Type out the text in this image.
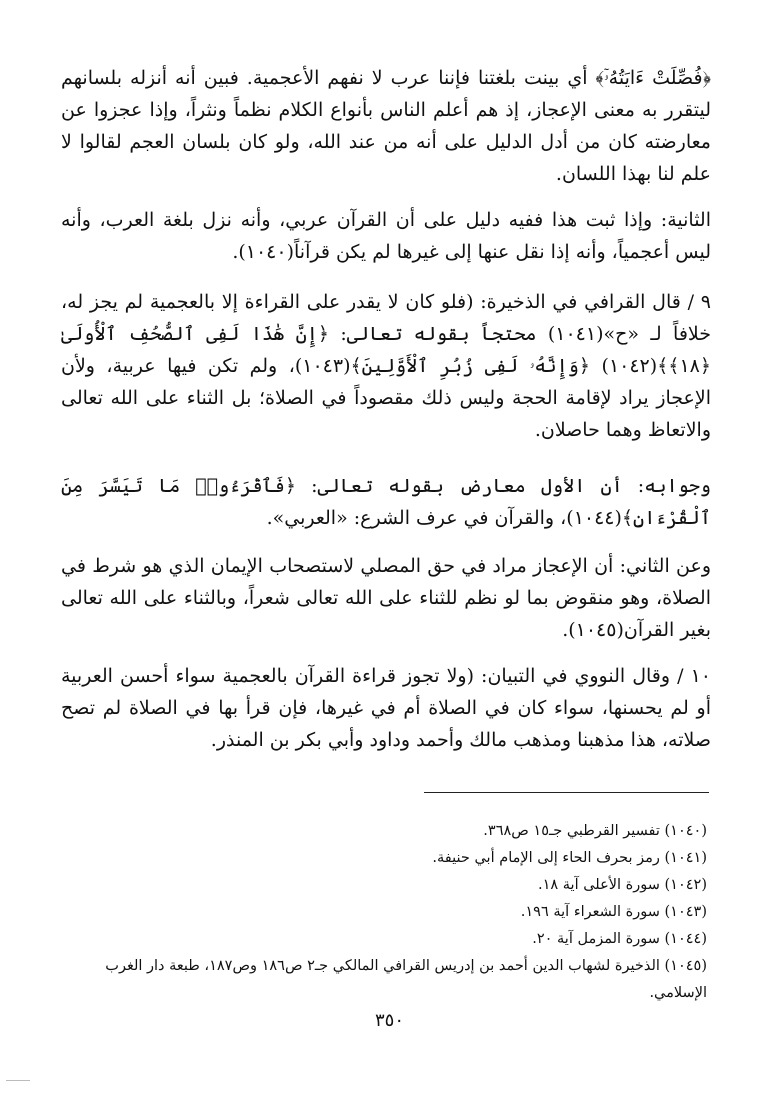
﴿فُصِّلَتْ ءَايَتُهُۥٓ﴾ أي بينت بلغتنا فإننا عرب لا نفهم الأعجمية. فبين أنه أنزله بلسانهم ليتقرر به معنى الإعجاز، إذ هم أعلم الناس بأنواع الكلام نظماً ونثراً، وإذا عجزوا عن معارضته كان من أدل الدليل على أنه من عند الله، ولو كان بلسان العجم لقالوا لا علم لنا بهذا اللسان.

الثانية: وإذا ثبت هذا ففيه دليل على أن القرآن عربي، وأنه نزل بلغة العرب، وأنه ليس أعجمياً، وأنه إذا نقل عنها إلى غيرها لم يكن قرآناً(١٠٤٠).

٩ / قال القرافي في الذخيرة: (فلو كان لا يقدر على القراءة إلا بالعجمية لم يجز له، خلافاً لـ «ح»(١٠٤١) محتجاً بقوله تعالى: ﴿إِنَّ هَٰذَا لَفِى ٱلصُّحُفِ ٱلْأُولَىٰ ﴿١٨﴾﴾(١٠٤٢) ﴿وَإِنَّهُۥ لَفِى زُبُرِ ٱلْأَوَّلِينَ﴾(١٠٤٣)، ولم تكن فيها عربية، ولأن الإعجاز يراد لإقامة الحجة وليس ذلك مقصوداً في الصلاة؛ بل الثناء على الله تعالى والاتعاظ وهما حاصلان.

وجوابه: أن الأول معارض بقوله تعالى: ﴿فَٱقْرَءُوا۟ مَا تَيَسَّرَ مِنَ ٱلْقُرْءَانِ﴾(١٠٤٤)، والقرآن في عرف الشرع: «العربي».

وعن الثاني: أن الإعجاز مراد في حق المصلي لاستصحاب الإيمان الذي هو شرط في الصلاة، وهو منقوض بما لو نظم للثناء على الله تعالى شعراً، وبالثناء على الله تعالى بغير القرآن(١٠٤٥).

١٠ / وقال النووي في التبيان: (ولا تجوز قراءة القرآن بالعجمية سواء أحسن العربية أو لم يحسنها، سواء كان في الصلاة أم في غيرها، فإن قرأ بها في الصلاة لم تصح صلاته، هذا مذهبنا ومذهب مالك وأحمد وداود وأبي بكر بن المنذر.

(١٠٤٠) تفسير القرطبي جـ١٥ ص٣٦٨.
(١٠٤١) رمز بحرف الحاء إلى الإمام أبي حنيفة.
(١٠٤٢) سورة الأعلى آية ١٨.
(١٠٤٣) سورة الشعراء آية ١٩٦.
(١٠٤٤) سورة المزمل آية ٢٠.
(١٠٤٥) الذخيرة لشهاب الدين أحمد بن إدريس القرافي المالكي جـ٢ ص١٨٦ وص١٨٧، طبعة دار الغرب الإسلامي.
٣٥٠
